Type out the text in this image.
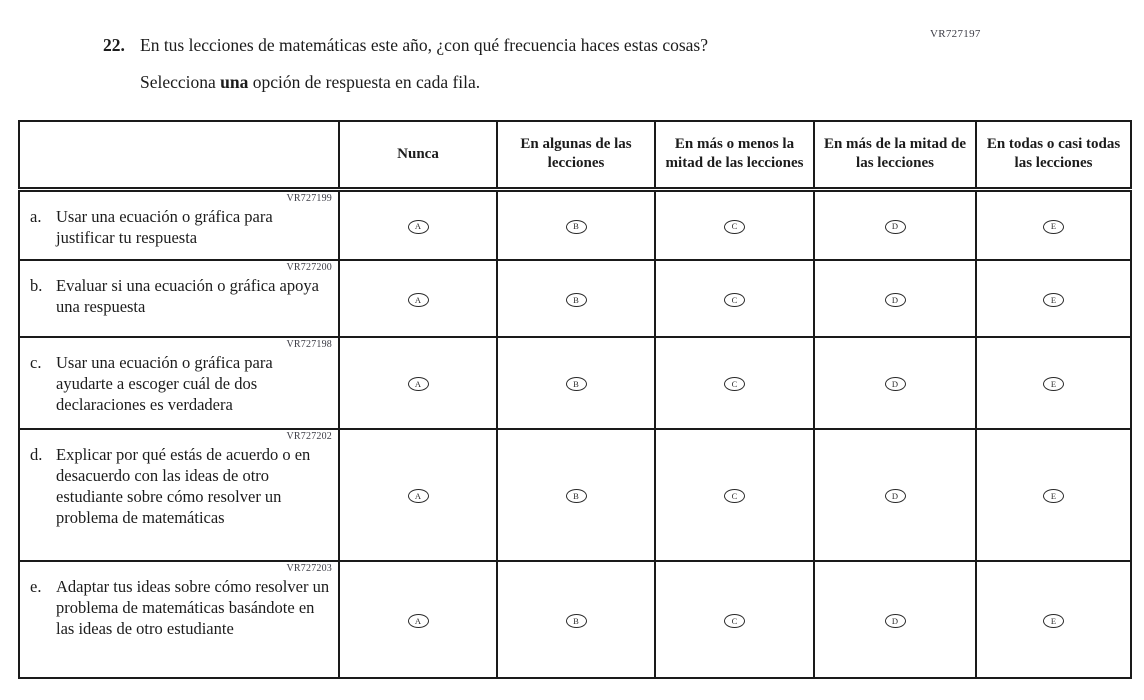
VR727197
22. En tus lecciones de matemáticas este año, ¿con qué frecuencia haces estas cosas?
Selecciona una opción de respuesta en cada fila.
	Nunca	En algunas de las lecciones	En más o menos la mitad de las lecciones	En más de la mitad de las lecciones	En todas o casi todas las lecciones

VR727199
a. Usar una ecuación o gráfica para justificar tu respuesta	A	B	C	D	E

VR727200
b. Evaluar si una ecuación o gráfica apoya una respuesta	A	B	C	D	E

VR727198
c. Usar una ecuación o gráfica para ayudarte a escoger cuál de dos declaraciones es verdadera	A	B	C	D	E

VR727202
d. Explicar por qué estás de acuerdo o en desacuerdo con las ideas de otro estudiante sobre cómo resolver un problema de matemáticas	A	B	C	D	E

VR727203
e. Adaptar tus ideas sobre cómo resolver un problema de matemáticas basándote en las ideas de otro estudiante	A	B	C	D	E
